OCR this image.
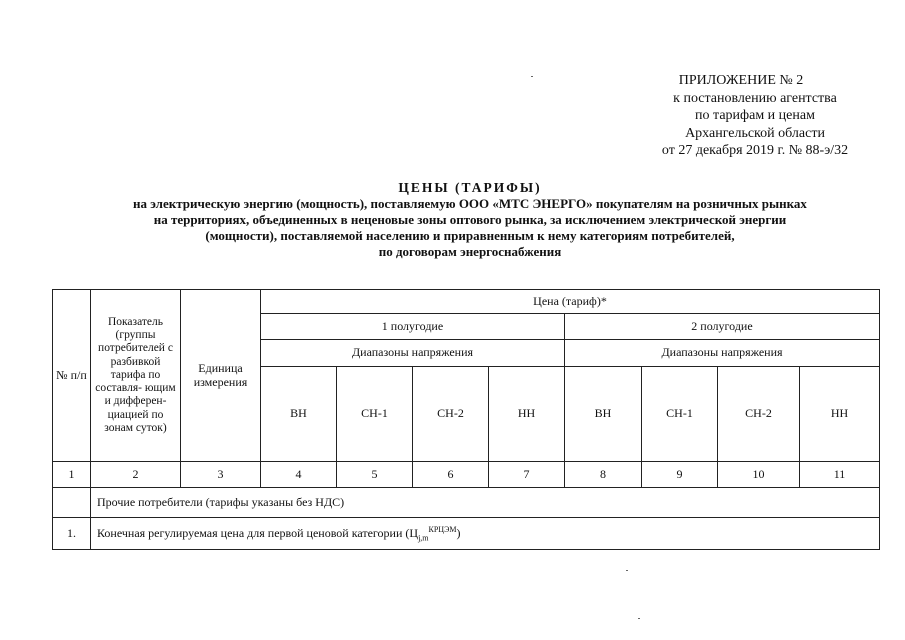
ПРИЛОЖЕНИЕ № 2
к постановлению агентства
по тарифам и ценам
Архангельской области
от 27 декабря 2019 г. № 88-э/32
ЦЕНЫ (ТАРИФЫ)
на электрическую энергию (мощность), поставляемую ООО «МТС ЭНЕРГО» покупателям на розничных рынках
на территориях, объединенных в неценовые зоны оптового рынка, за исключением электрической энергии
(мощности), поставляемой населению и приравненным к нему категориям потребителей,
по договорам энергоснабжения
№ п/п	Показатель (группы потребителей с разбивкой тарифа по составля- ющим и дифферен- циацией по зонам суток)	Единица измерения	Цена (тариф)*							
			1 полугодие				2 полугодие			
			Диапазоны напряжения				Диапазоны напряжения			
			ВН	СН-1	СН-2	НН	ВН	СН-1	СН-2	НН
1	2	3	4	5	6	7	8	9	10	11
	Прочие потребители (тарифы указаны без НДС)									
1.	Конечная регулируемая цена для первой ценовой категории $(Ц_{j,m}^{КРЦЭМ})$									
